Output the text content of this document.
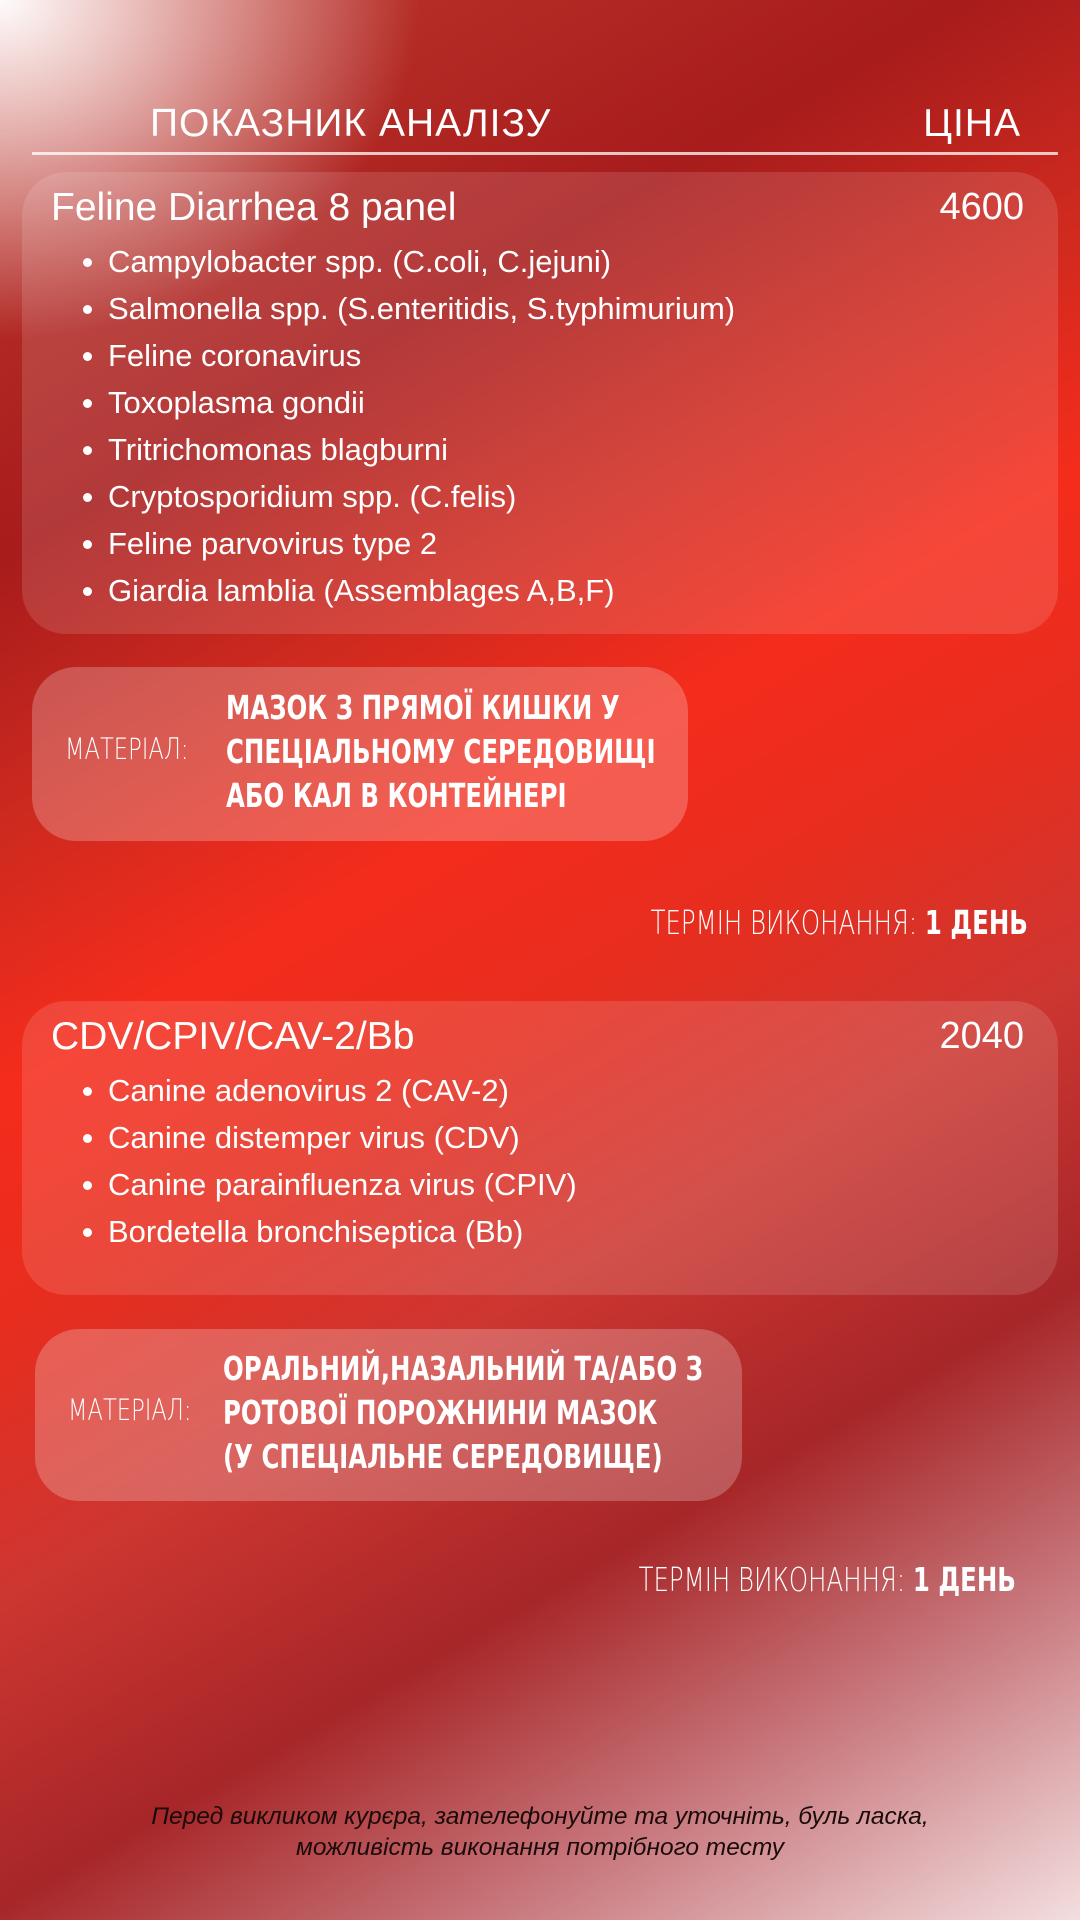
ПОКАЗНИК АНАЛІЗУ	ЦІНА
Feline Diarrhea 8 panel	4600
Campylobacter spp. (C.coli, C.jejuni)
Salmonella spp. (S.enteritidis, S.typhimurium)
Feline coronavirus
Toxoplasma gondii
Tritrichomonas blagburni
Cryptosporidium spp. (C.felis)
Feline parvovirus type 2
Giardia lamblia (Assemblages A,B,F)
МАТЕРІАЛ:
МАЗОК З ПРЯМОЇ КИШКИ У
СПЕЦІАЛЬНОМУ СЕРЕДОВИЩІ
АБО КАЛ В КОНТЕЙНЕРІ
ТЕРМІН ВИКОНАННЯ: 1 ДЕНЬ
CDV/CPIV/CAV-2/Bb	2040
Canine adenovirus 2 (CAV-2)
Canine distemper virus (CDV)
Canine parainfluenza virus (CPIV)
Bordetella bronchiseptica (Bb)
МАТЕРІАЛ:
ОРАЛЬНИЙ,НАЗАЛЬНИЙ ТА/АБО З
РОТОВОЇ ПОРОЖНИНИ МАЗОК
(У СПЕЦІАЛЬНЕ СЕРЕДОВИЩЕ)
ТЕРМІН ВИКОНАННЯ: 1 ДЕНЬ
Перед викликом курєра, зателефонуйте та уточніть, буль ласка,
можливість виконання потрібного тесту
